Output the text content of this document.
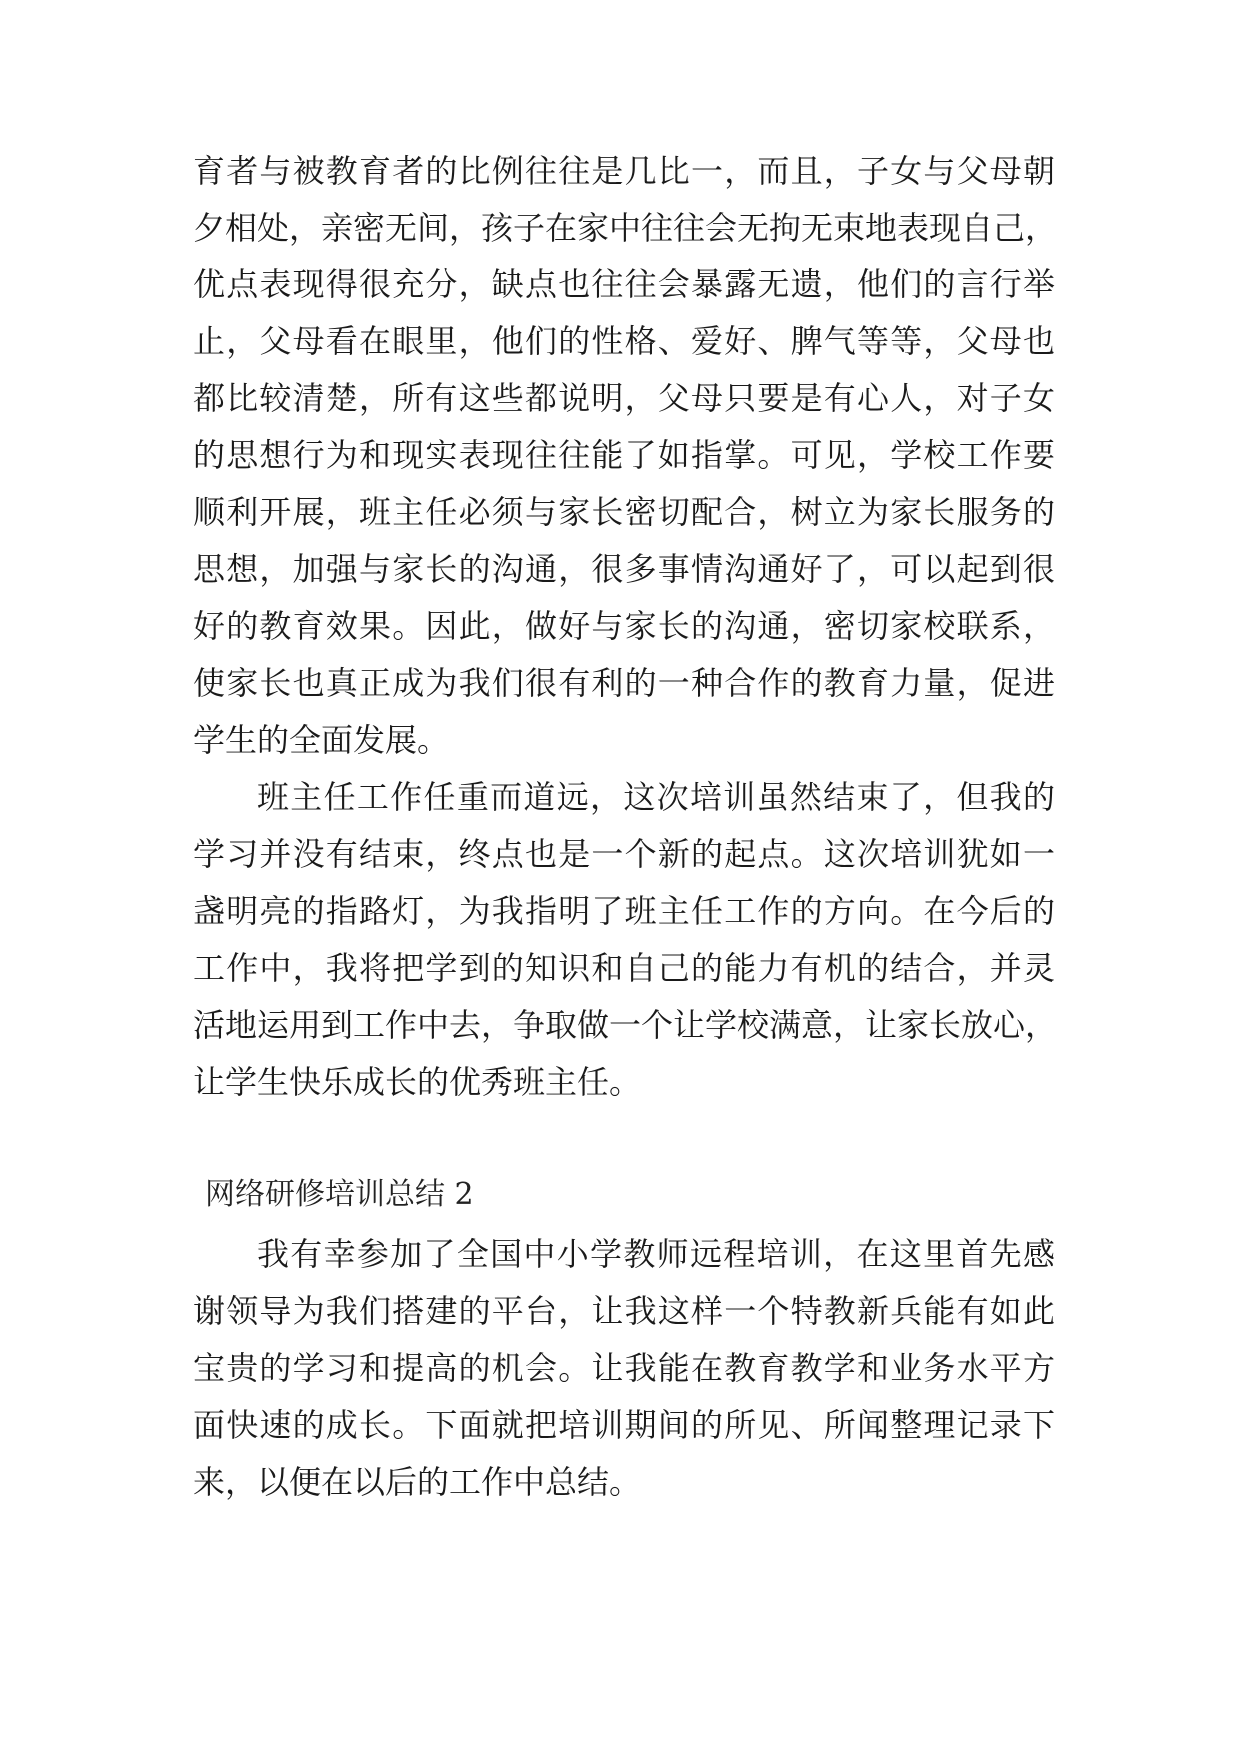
育者与被教育者的比例往往是几比一，而且，子女与父母朝
夕相处，亲密无间，孩子在家中往往会无拘无束地表现自己，
优点表现得很充分，缺点也往往会暴露无遗，他们的言行举
止，父母看在眼里，他们的性格、爱好、脾气等等，父母也
都比较清楚，所有这些都说明，父母只要是有心人，对子女
的思想行为和现实表现往往能了如指掌。可见，学校工作要
顺利开展，班主任必须与家长密切配合，树立为家长服务的
思想，加强与家长的沟通，很多事情沟通好了，可以起到很
好的教育效果。因此，做好与家长的沟通，密切家校联系，
使家长也真正成为我们很有利的一种合作的教育力量，促进
学生的全面发展。
班主任工作任重而道远，这次培训虽然结束了，但我的
学习并没有结束，终点也是一个新的起点。这次培训犹如一
盏明亮的指路灯，为我指明了班主任工作的方向。在今后的
工作中，我将把学到的知识和自己的能力有机的结合，并灵
活地运用到工作中去，争取做一个让学校满意，让家长放心，
让学生快乐成长的优秀班主任。
网络研修培训总结 2
我有幸参加了全国中小学教师远程培训，在这里首先感
谢领导为我们搭建的平台，让我这样一个特教新兵能有如此
宝贵的学习和提高的机会。让我能在教育教学和业务水平方
面快速的成长。下面就把培训期间的所见、所闻整理记录下
来，以便在以后的工作中总结。
